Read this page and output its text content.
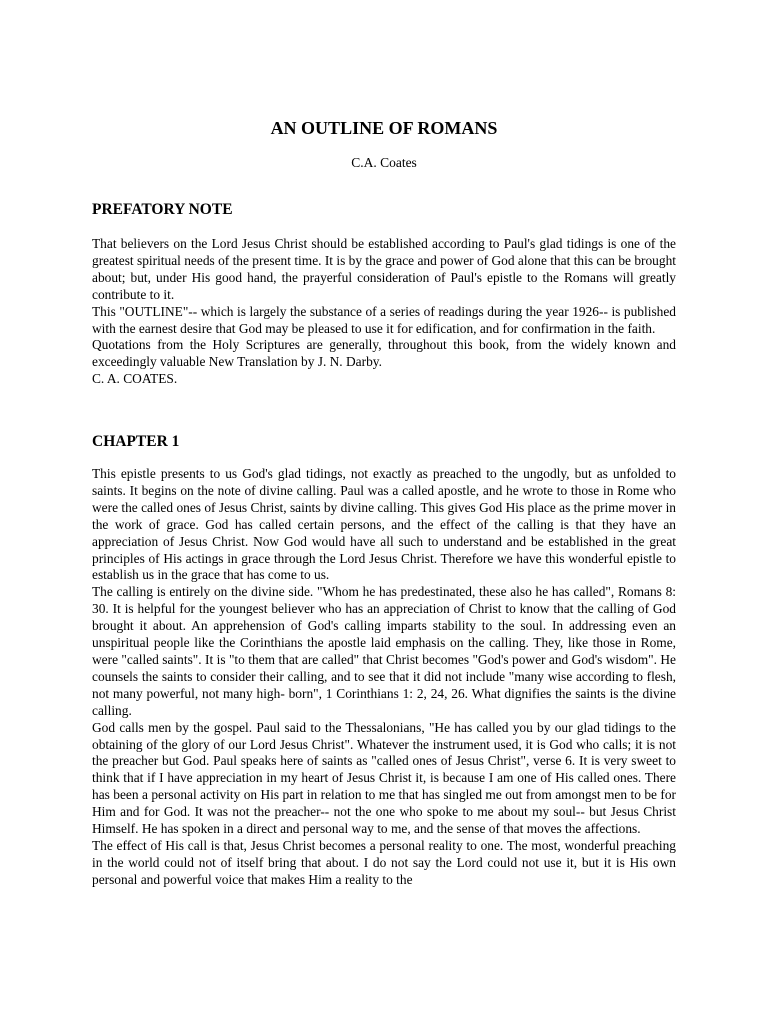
AN OUTLINE OF ROMANS
C.A. Coates
PREFATORY NOTE

That believers on the Lord Jesus Christ should be established according to Paul's glad tidings is one of the greatest spiritual needs of the present time. It is by the grace and power of God alone that this can be brought about; but, under His good hand, the prayerful consideration of Paul's epistle to the Romans will greatly contribute to it.

This "OUTLINE"-- which is largely the substance of a series of readings during the year 1926-- is published with the earnest desire that God may be pleased to use it for edification, and for confirmation in the faith.

Quotations from the Holy Scriptures are generally, throughout this book, from the widely known and exceedingly valuable New Translation by J. N. Darby.

C. A. COATES.

CHAPTER 1

This epistle presents to us God's glad tidings, not exactly as preached to the ungodly, but as unfolded to saints. It begins on the note of divine calling. Paul was a called apostle, and he wrote to those in Rome who were the called ones of Jesus Christ, saints by divine calling. This gives God His place as the prime mover in the work of grace. God has called certain persons, and the effect of the calling is that they have an appreciation of Jesus Christ. Now God would have all such to understand and be established in the great principles of His actings in grace through the Lord Jesus Christ. Therefore we have this wonderful epistle to establish us in the grace that has come to us.

The calling is entirely on the divine side. "Whom he has predestinated, these also he has called", Romans 8: 30. It is helpful for the youngest believer who has an appreciation of Christ to know that the calling of God brought it about. An apprehension of God's calling imparts stability to the soul. In addressing even an unspiritual people like the Corinthians the apostle laid emphasis on the calling. They, like those in Rome, were "called saints". It is "to them that are called" that Christ becomes "God's power and God's wisdom". He counsels the saints to consider their calling, and to see that it did not include "many wise according to flesh, not many powerful, not many high- born", 1 Corinthians 1: 2, 24, 26. What dignifies the saints is the divine calling.

God calls men by the gospel. Paul said to the Thessalonians, "He has called you by our glad tidings to the obtaining of the glory of our Lord Jesus Christ". Whatever the instrument used, it is God who calls; it is not the preacher but God. Paul speaks here of saints as "called ones of Jesus Christ", verse 6. It is very sweet to think that if I have appreciation in my heart of Jesus Christ it, is because I am one of His called ones. There has been a personal activity on His part in relation to me that has singled me out from amongst men to be for Him and for God. It was not the preacher-- not the one who spoke to me about my soul-- but Jesus Christ Himself. He has spoken in a direct and personal way to me, and the sense of that moves the affections.

The effect of His call is that, Jesus Christ becomes a personal reality to one. The most, wonderful preaching in the world could not of itself bring that about. I do not say the Lord could not use it, but it is His own personal and powerful voice that makes Him a reality to the
